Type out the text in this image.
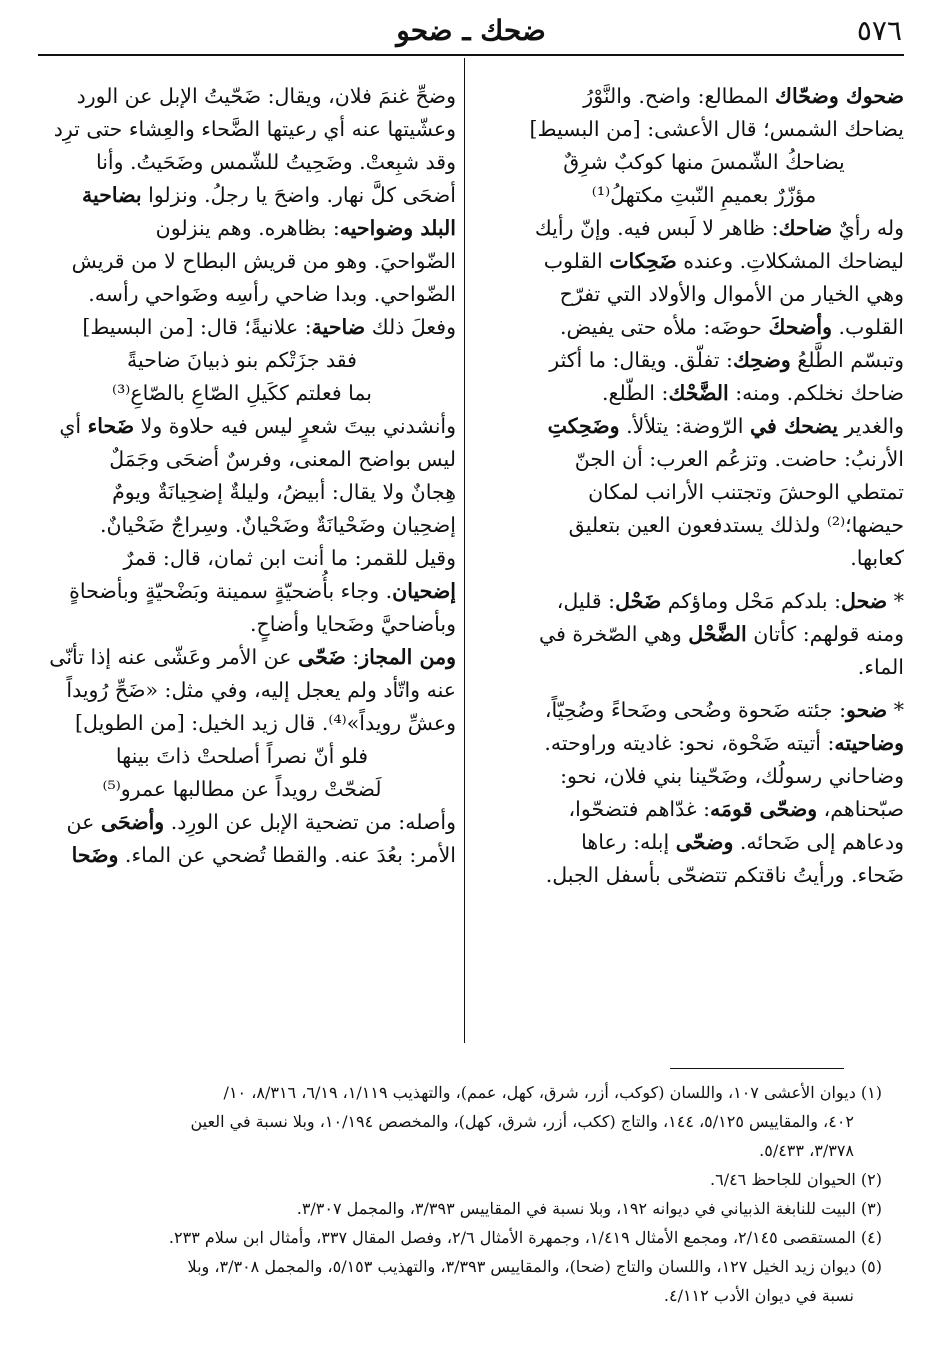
٥٧٦
ضحك ـ ضحو

ضحوك وضحّاك المطالع: واضح. والنَّوْرُ

يضاحك الشمس؛ قال الأعشى: [من البسيط]

يضاحكُ الشّمسَ منها كوكبٌ شرِقٌ

مؤزّرٌ بعميمِ النّبتِ مكتهلُ⁽¹⁾

وله رأيٌ ضاحك: ظاهر لا لَبس فيه. وإنّ رأيك

ليضاحك المشكلاتِ. وعنده ضَحِكات القلوب

وهي الخيار من الأموال والأولاد التي تفرّح

القلوب. وأضحكَ حوضَه: ملأه حتى يفيض.

وتبسّم الطَّلعُ وضحِك: تفلّق. ويقال: ما أكثر

ضاحك نخلكم. ومنه: الضَّحْك: الطّلع.

والغدير يضحك في الرّوضة: يتلألأ. وضَحِكتِ

الأرنبُ: حاضت. وتزعُم العرب: أن الجنّ

تمتطي الوحشَ وتجتنب الأرانب لمكان

حيضها؛⁽²⁾ ولذلك يستدفعون العين بتعليق

كعابها.

* ضحل: بلدكم مَحْل وماؤكم ضَحْل: قليل،

ومنه قولهم: كأتان الضَّحْل وهي الصّخرة في

الماء.

* ضحو: جئته ضَحوة وضُحى وضَحاءً وضُحِيّاً،

وضاحيته: أتيته ضَحْوة، نحو: غاديته وراوحته.

وضاحاني رسولُك، وضَحّينا بني فلان، نحو:

صبّحناهم، وضحّى قومَه: غدّاهم فتضحّوا،

ودعاهم إلى ضَحائه. وضحّى إبله: رعاها

ضَحاء. ورأيتُ ناقتكم تتضحّى بأسفل الجبل.

وضحِّ غنمَ فلان، ويقال: ضَحّيتُ الإبل عن الورد

وعشّيتها عنه أي رعيتها الضَّحاء والعِشاء حتى ترِد

وقد شبِعتْ. وضَحِيتُ للشّمس وضَحَيتُ. وأنا

أضحَى كلَّ نهار. واضحَ يا رجلُ. ونزلوا بضاحية

البلد وضواحيه: بظاهره. وهم ينزلون

الضّواحيَ. وهو من قريش البطاح لا من قريش

الضّواحي. وبدا ضاحي رأسِه وضَواحي رأسه.

وفعلَ ذلك ضاحية: علانيةً؛ قال: [من البسيط]

فقد جزَتْكم بنو ذبيانَ ضاحيةً

بما فعلتم ككَيلِ الصّاعِ بالصّاعِ⁽³⁾

وأنشدني بيتَ شعرٍ ليس فيه حلاوة ولا ضَحاء أي

ليس بواضح المعنى، وفرسٌ أضحَى وجَمَلٌ

هِجانٌ ولا يقال: أبيضُ، وليلةٌ إضحِيانَةٌ ويومٌ

إضحِيان وضَحْيانَةٌ وضَحْيانٌ. وسِراجٌ ضَحْيانٌ.

وقيل للقمر: ما أنت ابن ثمان، قال: قمرٌ

إضحيان. وجاء بأُضحيّةٍ سمينة وبَضْحيّةٍ وبأضحاةٍ

وبأضاحيَّ وضَحايا وأضاحٍ.

ومن المجاز: ضَحّى عن الأمر وعَشّى عنه إذا تأنّى

عنه واتّأد ولم يعجل إليه، وفي مثل: «ضَحِّ رُويداً

وعشِّ رويداً»⁽⁴⁾. قال زيد الخيل: [من الطويل]

فلو أنّ نصراً أصلحتْ ذاتَ بينها

لَضحّتْ رويداً عن مطالبها عمرو⁽⁵⁾

وأصله: من تضحية الإبل عن الورِد. وأضحَى عن

الأمر: بعُدَ عنه. والقطا تُضحي عن الماء. وضَحا

(١) ديوان الأعشى ١٠٧، واللسان (كوكب، أزر، شرق، كهل، عمم)، والتهذيب ١/١١٩، ٦/١٩، ٨/٣١٦، ١٠/

٤٠٢، والمقاييس ٥/١٢٥، ١٤٤، والتاج (ككب، أزر، شرق، كهل)، والمخصص ١٠/١٩٤، وبلا نسبة في العين

٣/٣٧٨، ٥/٤٣٣.

(٢) الحيوان للجاحظ ٦/٤٦.

(٣) البيت للنابغة الذبياني في ديوانه ١٩٢، وبلا نسبة في المقاييس ٣/٣٩٣، والمجمل ٣/٣٠٧.

(٤) المستقصى ٢/١٤٥، ومجمع الأمثال ١/٤١٩، وجمهرة الأمثال ٢/٦، وفصل المقال ٣٣٧، وأمثال ابن سلام ٢٣٣.

(٥) ديوان زيد الخيل ١٢٧، واللسان والتاج (ضحا)، والمقاييس ٣/٣٩٣، والتهذيب ٥/١٥٣، والمجمل ٣/٣٠٨، وبلا

نسبة في ديوان الأدب ٤/١١٢.
